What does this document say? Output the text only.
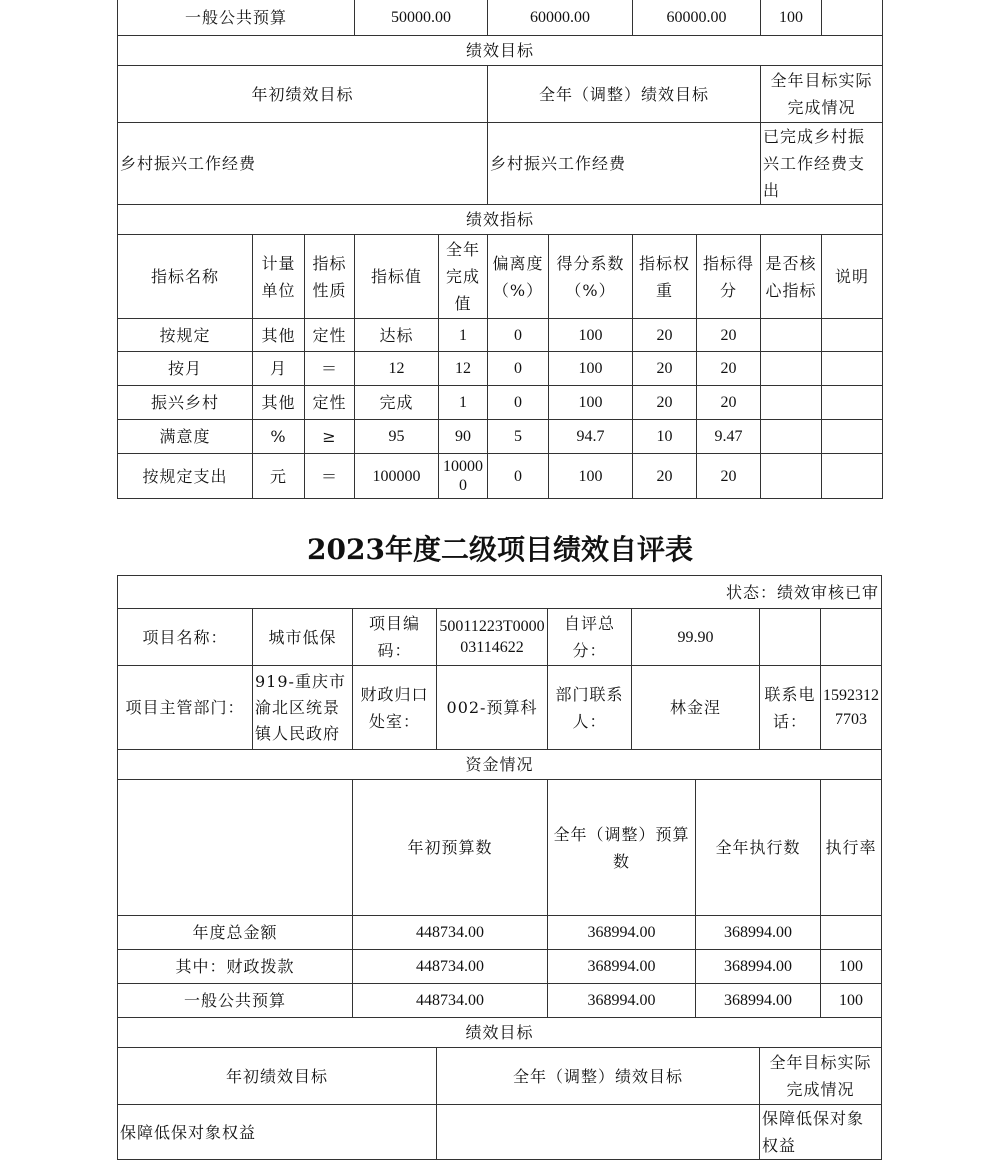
一般公共预算			50000.00		60000.00		60000.00		100	
绩效目标										
年初绩效目标					全年（调整）绩效目标				全年目标实际完成情况	
乡村振兴工作经费					乡村振兴工作经费				已完成乡村振兴工作经费支出	
绩效指标										
指标名称	计量单位	指标性质	指标值	全年完成值	偏离度（%）	得分系数（%）	指标权重	指标得分	是否核心指标	说明
按规定	其他	定性	达标	1	0	100	20	20		
按月	月	＝	12	12	0	100	20	20		
振兴乡村	其他	定性	完成	1	0	100	20	20		
满意度	%	≥	95	90	5	94.7	10	9.47		
按规定支出	元	＝	100000	100000	0	100	20	20		
2023年度二级项目绩效自评表
状态：绩效审核已审									
项目名称：	城市低保	项目编码：	50011223T000003114622	自评总分：	99.90				
项目主管部门：	919-重庆市渝北区统景镇人民政府	财政归口处室：	002-预算科	部门联系人：	林金涅		联系电话：	15923127703	
资金情况									
		年初预算数		全年（调整）预算数		全年执行数		执行率		
年度总金额		448734.00		368994.00		368994.00			
其中：财政拨款		448734.00		368994.00		368994.00		100		
一般公共预算		448734.00		368994.00		368994.00		100		
绩效目标									
年初绩效目标			全年（调整）绩效目标				全年目标实际完成情况		
保障低保对象权益							保障低保对象权益		
